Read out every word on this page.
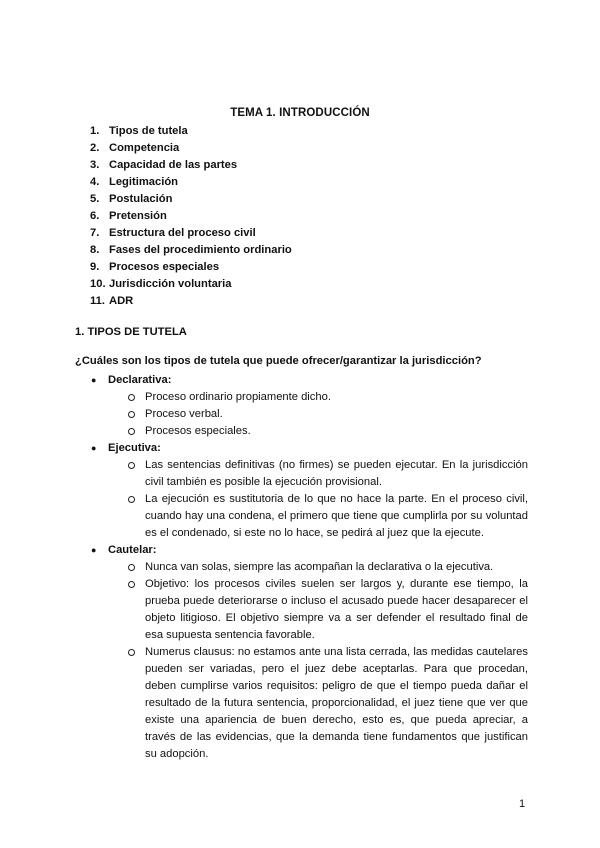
TEMA 1. INTRODUCCIÓN
1. Tipos de tutela
2. Competencia
3. Capacidad de las partes
4. Legitimación
5. Postulación
6. Pretensión
7. Estructura del proceso civil
8. Fases del procedimiento ordinario
9. Procesos especiales
10. Jurisdicción voluntaria
11. ADR
1. TIPOS DE TUTELA
¿Cuáles son los tipos de tutela que puede ofrecer/garantizar la jurisdicción?
● Declarativa:
Proceso ordinario propiamente dicho.
Proceso verbal.
Procesos especiales.
● Ejecutiva:
Las sentencias definitivas (no firmes) se pueden ejecutar. En la jurisdicción civil también es posible la ejecución provisional.
La ejecución es sustitutoria de lo que no hace la parte. En el proceso civil, cuando hay una condena, el primero que tiene que cumplirla por su voluntad es el condenado, si este no lo hace, se pedirá al juez que la ejecute.
● Cautelar:
Nunca van solas, siempre las acompañan la declarativa o la ejecutiva.
Objetivo: los procesos civiles suelen ser largos y, durante ese tiempo, la prueba puede deteriorarse o incluso el acusado puede hacer desaparecer el objeto litigioso. El objetivo siempre va a ser defender el resultado final de esa supuesta sentencia favorable.
Numerus clausus: no estamos ante una lista cerrada, las medidas cautelares pueden ser variadas, pero el juez debe aceptarlas. Para que procedan, deben cumplirse varios requisitos: peligro de que el tiempo pueda dañar el resultado de la futura sentencia, proporcionalidad, el juez tiene que ver que existe una apariencia de buen derecho, esto es, que pueda apreciar, a través de las evidencias, que la demanda tiene fundamentos que justifican su adopción.
1
